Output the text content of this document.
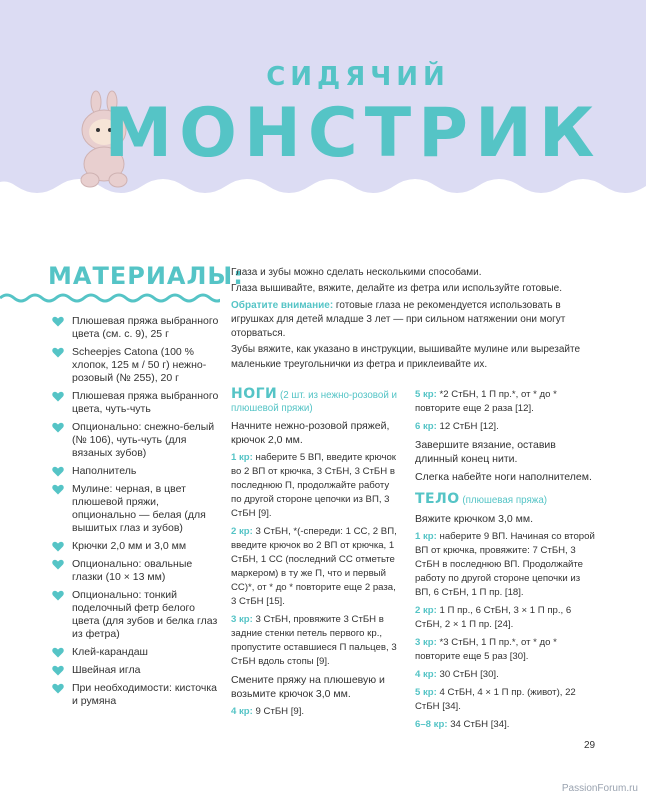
СИДЯЧИЙ
МОНСТРИК
МАТЕРИАЛЫ:
Плюшевая пряжа выбранного цвета (см. с. 9), 25 г
Scheepjes Catona (100 % хлопок, 125 м / 50 г) нежно-розовый (№ 255), 20 г
Плюшевая пряжа выбранного цвета, чуть-чуть
Опционально: снежно-белый (№ 106), чуть-чуть (для вязаных зубов)
Наполнитель
Мулине: черная, в цвет плюшевой пряжи, опционально — белая (для вышитых глаз и зубов)
Крючки 2,0 мм и 3,0 мм
Опционально: овальные глазки (10 × 13 мм)
Опционально: тонкий поделочный фетр белого цвета (для зубов и белка глаз из фетра)
Клей-карандаш
Швейная игла
При необходимости: кисточка и румяна

Глаза и зубы можно сделать несколькими способами.

Глаза вышивайте, вяжите, делайте из фетра или используйте готовые.

Обратите внимание: готовые глаза не рекомендуется использовать в игрушках для детей младше 3 лет — при сильном натяжении они могут оторваться.

Зубы вяжите, как указано в инструкции, вышивайте мулине или вырезайте маленькие треугольнички из фетра и приклеивайте их.

НОГИ (2 шт. из нежно-розовой и плюшевой пряжи)

Начните нежно-розовой пряжей, крючок 2,0 мм.

1 кр: наберите 5 ВП, введите крючок во 2 ВП от крючка, 3 СтБН, 3 СтБН в последнюю П, продолжайте работу по другой стороне цепочки из ВП, 3 СтБН [9].

2 кр: 3 СтБН, *(-спереди: 1 СС, 2 ВП, введите крючок во 2 ВП от крючка, 1 СтБН, 1 СС (последний СС отметьте маркером) в ту же П, что и первый СС)*, от * до * повторите еще 2 раза, 3 СтБН [15].

3 кр: 3 СтБН, провяжите 3 СтБН в задние стенки петель первого кр., пропустите оставшиеся П пальцев, 3 СтБН вдоль стопы [9].

Смените пряжу на плюшевую и возьмите крючок 3,0 мм.

4 кр: 9 СтБН [9].

5 кр: *2 СтБН, 1 П пр.*, от * до * повторите еще 2 раза [12].

6 кр: 12 СтБН [12].

Завершите вязание, оставив длинный конец нити.

Слегка набейте ноги наполнителем.

ТЕЛО (плюшевая пряжа)

Вяжите крючком 3,0 мм.

1 кр: наберите 9 ВП. Начиная со второй ВП от крючка, провяжите: 7 СтБН, 3 СтБН в последнюю ВП. Продолжайте работу по другой стороне цепочки из ВП, 6 СтБН, 1 П пр. [18].

2 кр: 1 П пр., 6 СтБН, 3 × 1 П пр., 6 СтБН, 2 × 1 П пр. [24].

3 кр: *3 СтБН, 1 П пр.*, от * до * повторите еще 5 раз [30].

4 кр: 30 СтБН [30].

5 кр: 4 СтБН, 4 × 1 П пр. (живот), 22 СтБН [34].

6–8 кр: 34 СтБН [34].

29
PassionForum.ru
